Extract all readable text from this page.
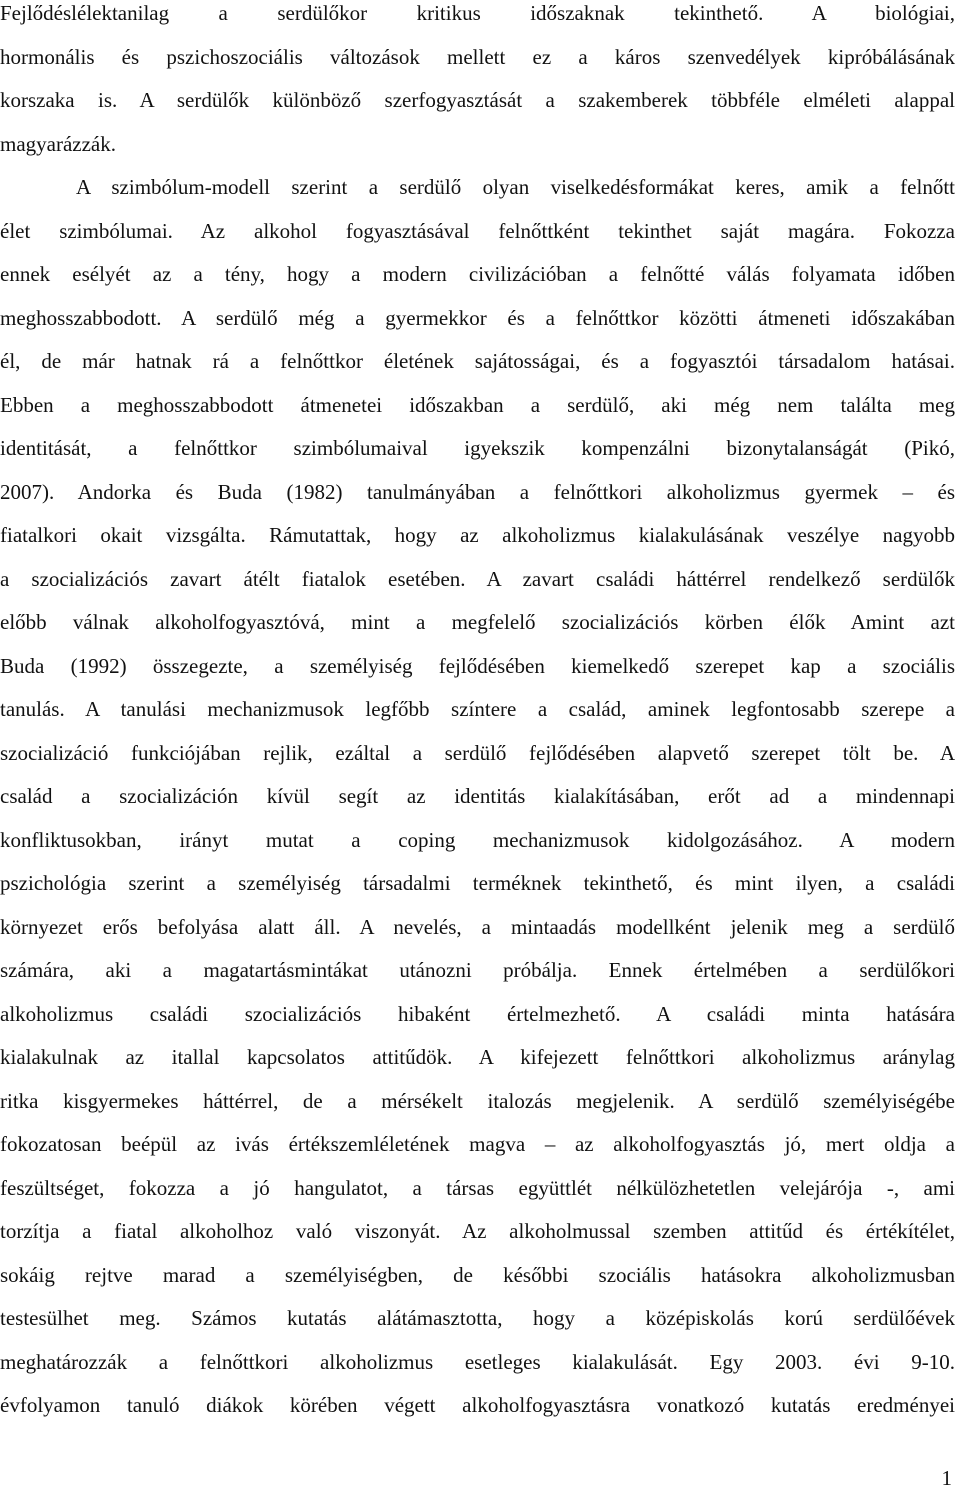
Fejlődéslélektanilag a serdülőkor kritikus időszaknak tekinthető. A biológiai,
hormonális és pszichoszociális változások mellett ez a káros szenvedélyek kipróbálásának
korszaka is. A serdülők különböző szerfogyasztását a szakemberek többféle elméleti alappal
magyarázzák.
A szimbólum-modell szerint a serdülő olyan viselkedésformákat keres, amik a felnőtt
élet szimbólumai. Az alkohol fogyasztásával felnőttként tekinthet saját magára. Fokozza
ennek esélyét az a tény, hogy a modern civilizációban a felnőtté válás folyamata időben
meghosszabbodott. A serdülő még a gyermekkor és a felnőttkor közötti átmeneti időszakában
él, de már hatnak rá a felnőttkor életének sajátosságai, és a fogyasztói társadalom hatásai.
Ebben a meghosszabbodott átmenetei időszakban a serdülő, aki még nem találta meg
identitását, a felnőttkor szimbólumaival igyekszik kompenzálni bizonytalanságát (Pikó,
2007). Andorka és Buda (1982) tanulmányában a felnőttkori alkoholizmus gyermek – és
fiatalkori okait vizsgálta. Rámutattak, hogy az alkoholizmus kialakulásának veszélye nagyobb
a szocializációs zavart átélt fiatalok esetében. A zavart családi háttérrel rendelkező serdülők
előbb válnak alkoholfogyasztóvá, mint a megfelelő szocializációs körben élők Amint azt
Buda (1992) összegezte, a személyiség fejlődésében kiemelkedő szerepet kap a szociális
tanulás. A tanulási mechanizmusok legfőbb színtere a család, aminek legfontosabb szerepe a
szocializáció funkciójában rejlik, ezáltal a serdülő fejlődésében alapvető szerepet tölt be. A
család a szocializáción kívül segít az identitás kialakításában, erőt ad a mindennapi
konfliktusokban, irányt mutat a coping mechanizmusok kidolgozásához. A modern
pszichológia szerint a személyiség társadalmi terméknek tekinthető, és mint ilyen, a családi
környezet erős befolyása alatt áll. A nevelés, a mintaadás modellként jelenik meg a serdülő
számára, aki a magatartásmintákat utánozni próbálja. Ennek értelmében a serdülőkori
alkoholizmus családi szocializációs hibaként értelmezhető. A családi minta hatására
kialakulnak az itallal kapcsolatos attitűdök. A kifejezett felnőttkori alkoholizmus aránylag
ritka kisgyermekes háttérrel, de a mérsékelt italozás megjelenik. A serdülő személyiségébe
fokozatosan beépül az ivás értékszemléletének magva – az alkoholfogyasztás jó, mert oldja a
feszültséget, fokozza a jó hangulatot, a társas együttlét nélkülözhetetlen velejárója -, ami
torzítja a fiatal alkoholhoz való viszonyát. Az alkoholmussal szemben attitűd és értékítélet,
sokáig rejtve marad a személyiségben, de későbbi szociális hatásokra alkoholizmusban
testesülhet meg. Számos kutatás alátámasztotta, hogy a középiskolás korú serdülőévek
meghatározzák a felnőttkori alkoholizmus esetleges kialakulását. Egy 2003. évi 9-10.
évfolyamon tanuló diákok körében végett alkoholfogyasztásra vonatkozó kutatás eredményei
1
